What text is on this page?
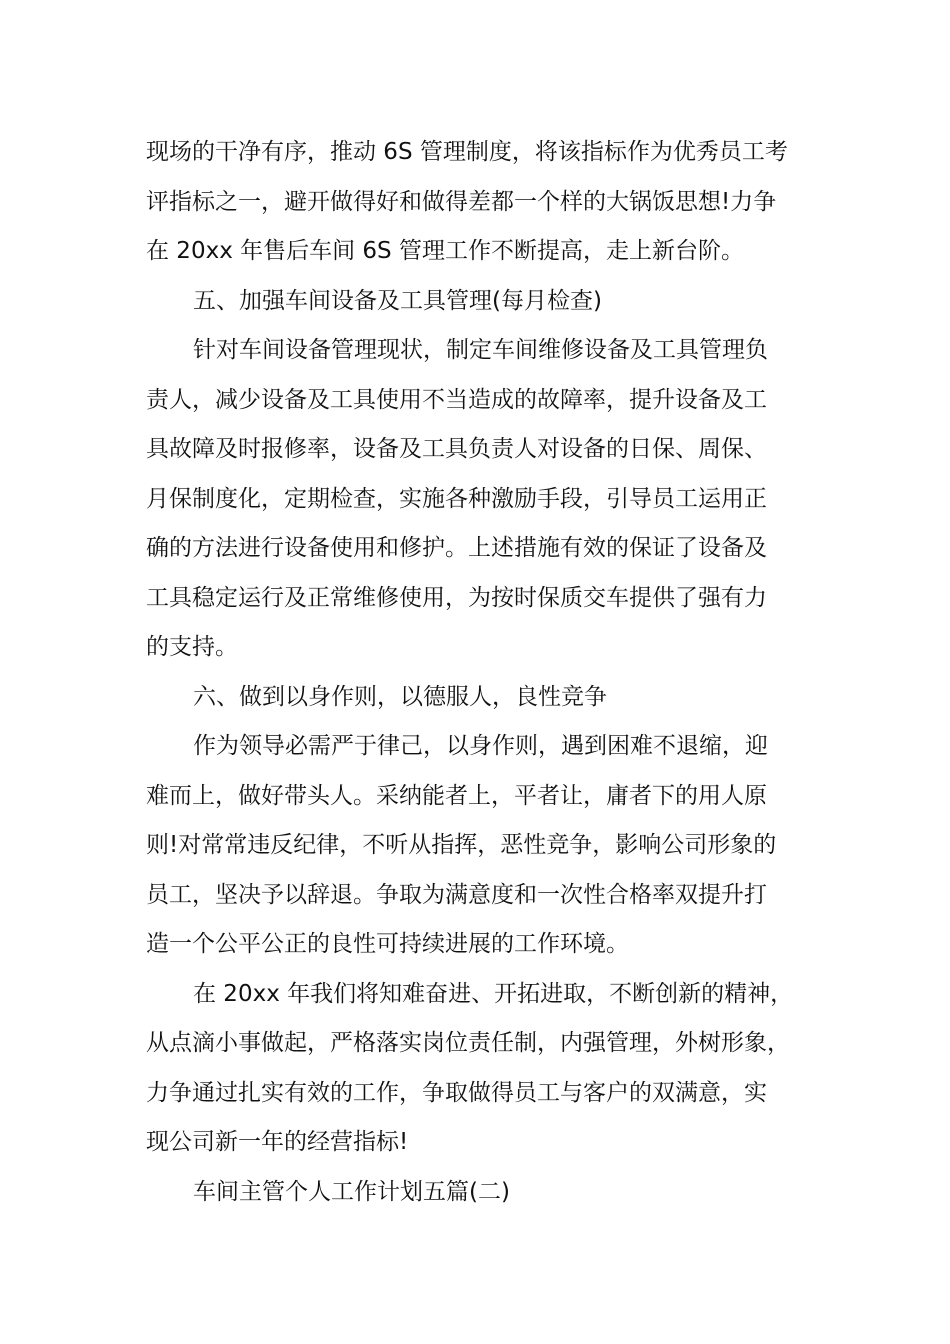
现场的干净有序，推动 6S 管理制度，将该指标作为优秀员工考
评指标之一，避开做得好和做得差都一个样的大锅饭思想!力争
在 20xx 年售后车间 6S 管理工作不断提高，走上新台阶。
五、加强车间设备及工具管理(每月检查)
针对车间设备管理现状，制定车间维修设备及工具管理负
责人，减少设备及工具使用不当造成的故障率，提升设备及工
具故障及时报修率，设备及工具负责人对设备的日保、周保、
月保制度化，定期检查，实施各种激励手段，引导员工运用正
确的方法进行设备使用和修护。上述措施有效的保证了设备及
工具稳定运行及正常维修使用，为按时保质交车提供了强有力
的支持。
六、做到以身作则，以德服人，良性竞争
作为领导必需严于律己，以身作则，遇到困难不退缩，迎
难而上，做好带头人。采纳能者上，平者让，庸者下的用人原
则!对常常违反纪律，不听从指挥，恶性竞争，影响公司形象的
员工，坚决予以辞退。争取为满意度和一次性合格率双提升打
造一个公平公正的良性可持续进展的工作环境。
在 20xx 年我们将知难奋进、开拓进取，不断创新的精神，
从点滴小事做起，严格落实岗位责任制，内强管理，外树形象，
力争通过扎实有效的工作，争取做得员工与客户的双满意，实
现公司新一年的经营指标!
车间主管个人工作计划五篇(二)
